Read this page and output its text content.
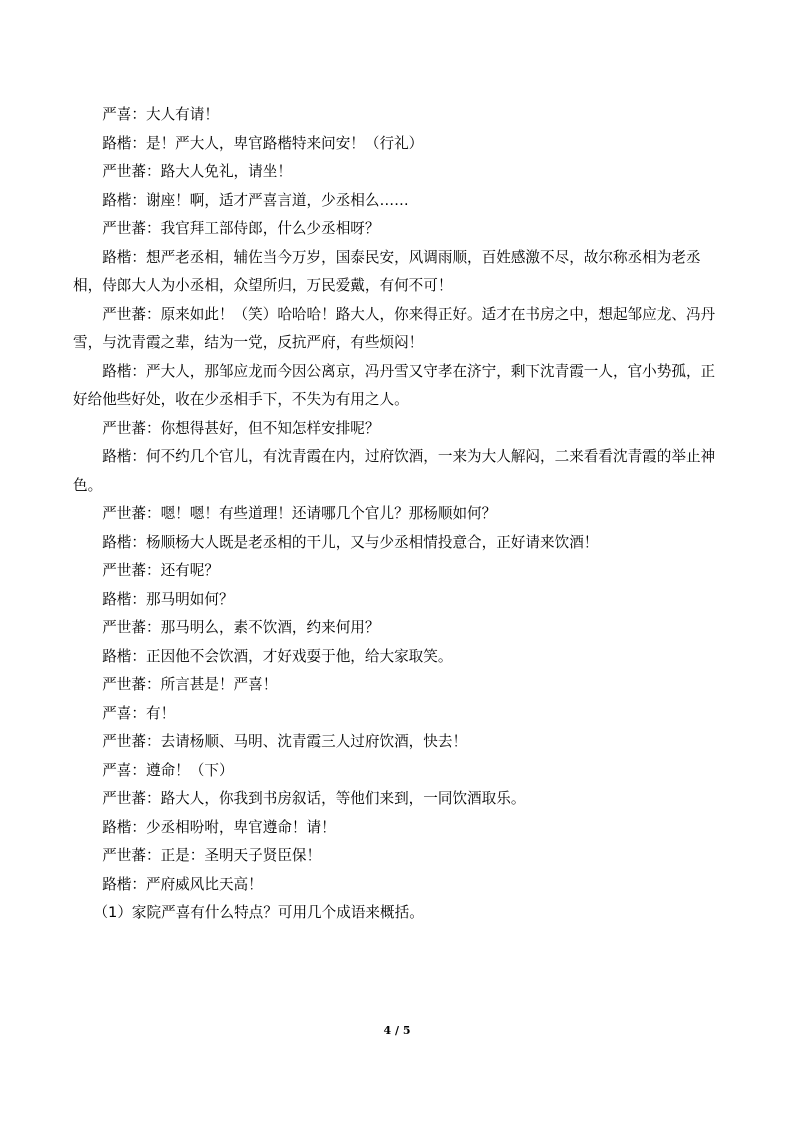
严喜：大人有请！

路楷：是！严大人，卑官路楷特来问安！（行礼）

严世蕃：路大人免礼，请坐！

路楷：谢座！啊，适才严喜言道，少丞相么……

严世蕃：我官拜工部侍郎，什么少丞相呀？

路楷：想严老丞相，辅佐当今万岁，国泰民安，风调雨顺，百姓感激不尽，故尔称丞相为老丞相，侍郎大人为小丞相，众望所归，万民爱戴，有何不可！

严世蕃：原来如此！（笑）哈哈哈！路大人，你来得正好。适才在书房之中，想起邹应龙、冯丹雪，与沈青霞之辈，结为一党，反抗严府，有些烦闷！

路楷：严大人，那邹应龙而今因公离京，冯丹雪又守孝在济宁，剩下沈青霞一人，官小势孤，正好给他些好处，收在少丞相手下，不失为有用之人。

严世蕃：你想得甚好，但不知怎样安排呢？

路楷：何不约几个官儿，有沈青霞在内，过府饮酒，一来为大人解闷，二来看看沈青霞的举止神色。

严世蕃：嗯！嗯！有些道理！还请哪几个官儿？那杨顺如何？

路楷：杨顺杨大人既是老丞相的干儿，又与少丞相情投意合，正好请来饮酒！

严世蕃：还有呢？

路楷：那马明如何？

严世蕃：那马明么，素不饮酒，约来何用？

路楷：正因他不会饮酒，才好戏耍于他，给大家取笑。

严世蕃：所言甚是！严喜！

严喜：有！

严世蕃：去请杨顺、马明、沈青霞三人过府饮酒，快去！

严喜：遵命！（下）

严世蕃：路大人，你我到书房叙话，等他们来到，一同饮酒取乐。

路楷：少丞相吩咐，卑官遵命！请！

严世蕃：正是：圣明天子贤臣保！

路楷：严府威风比天高！

（1）家院严喜有什么特点？可用几个成语来概括。

4 / 5
